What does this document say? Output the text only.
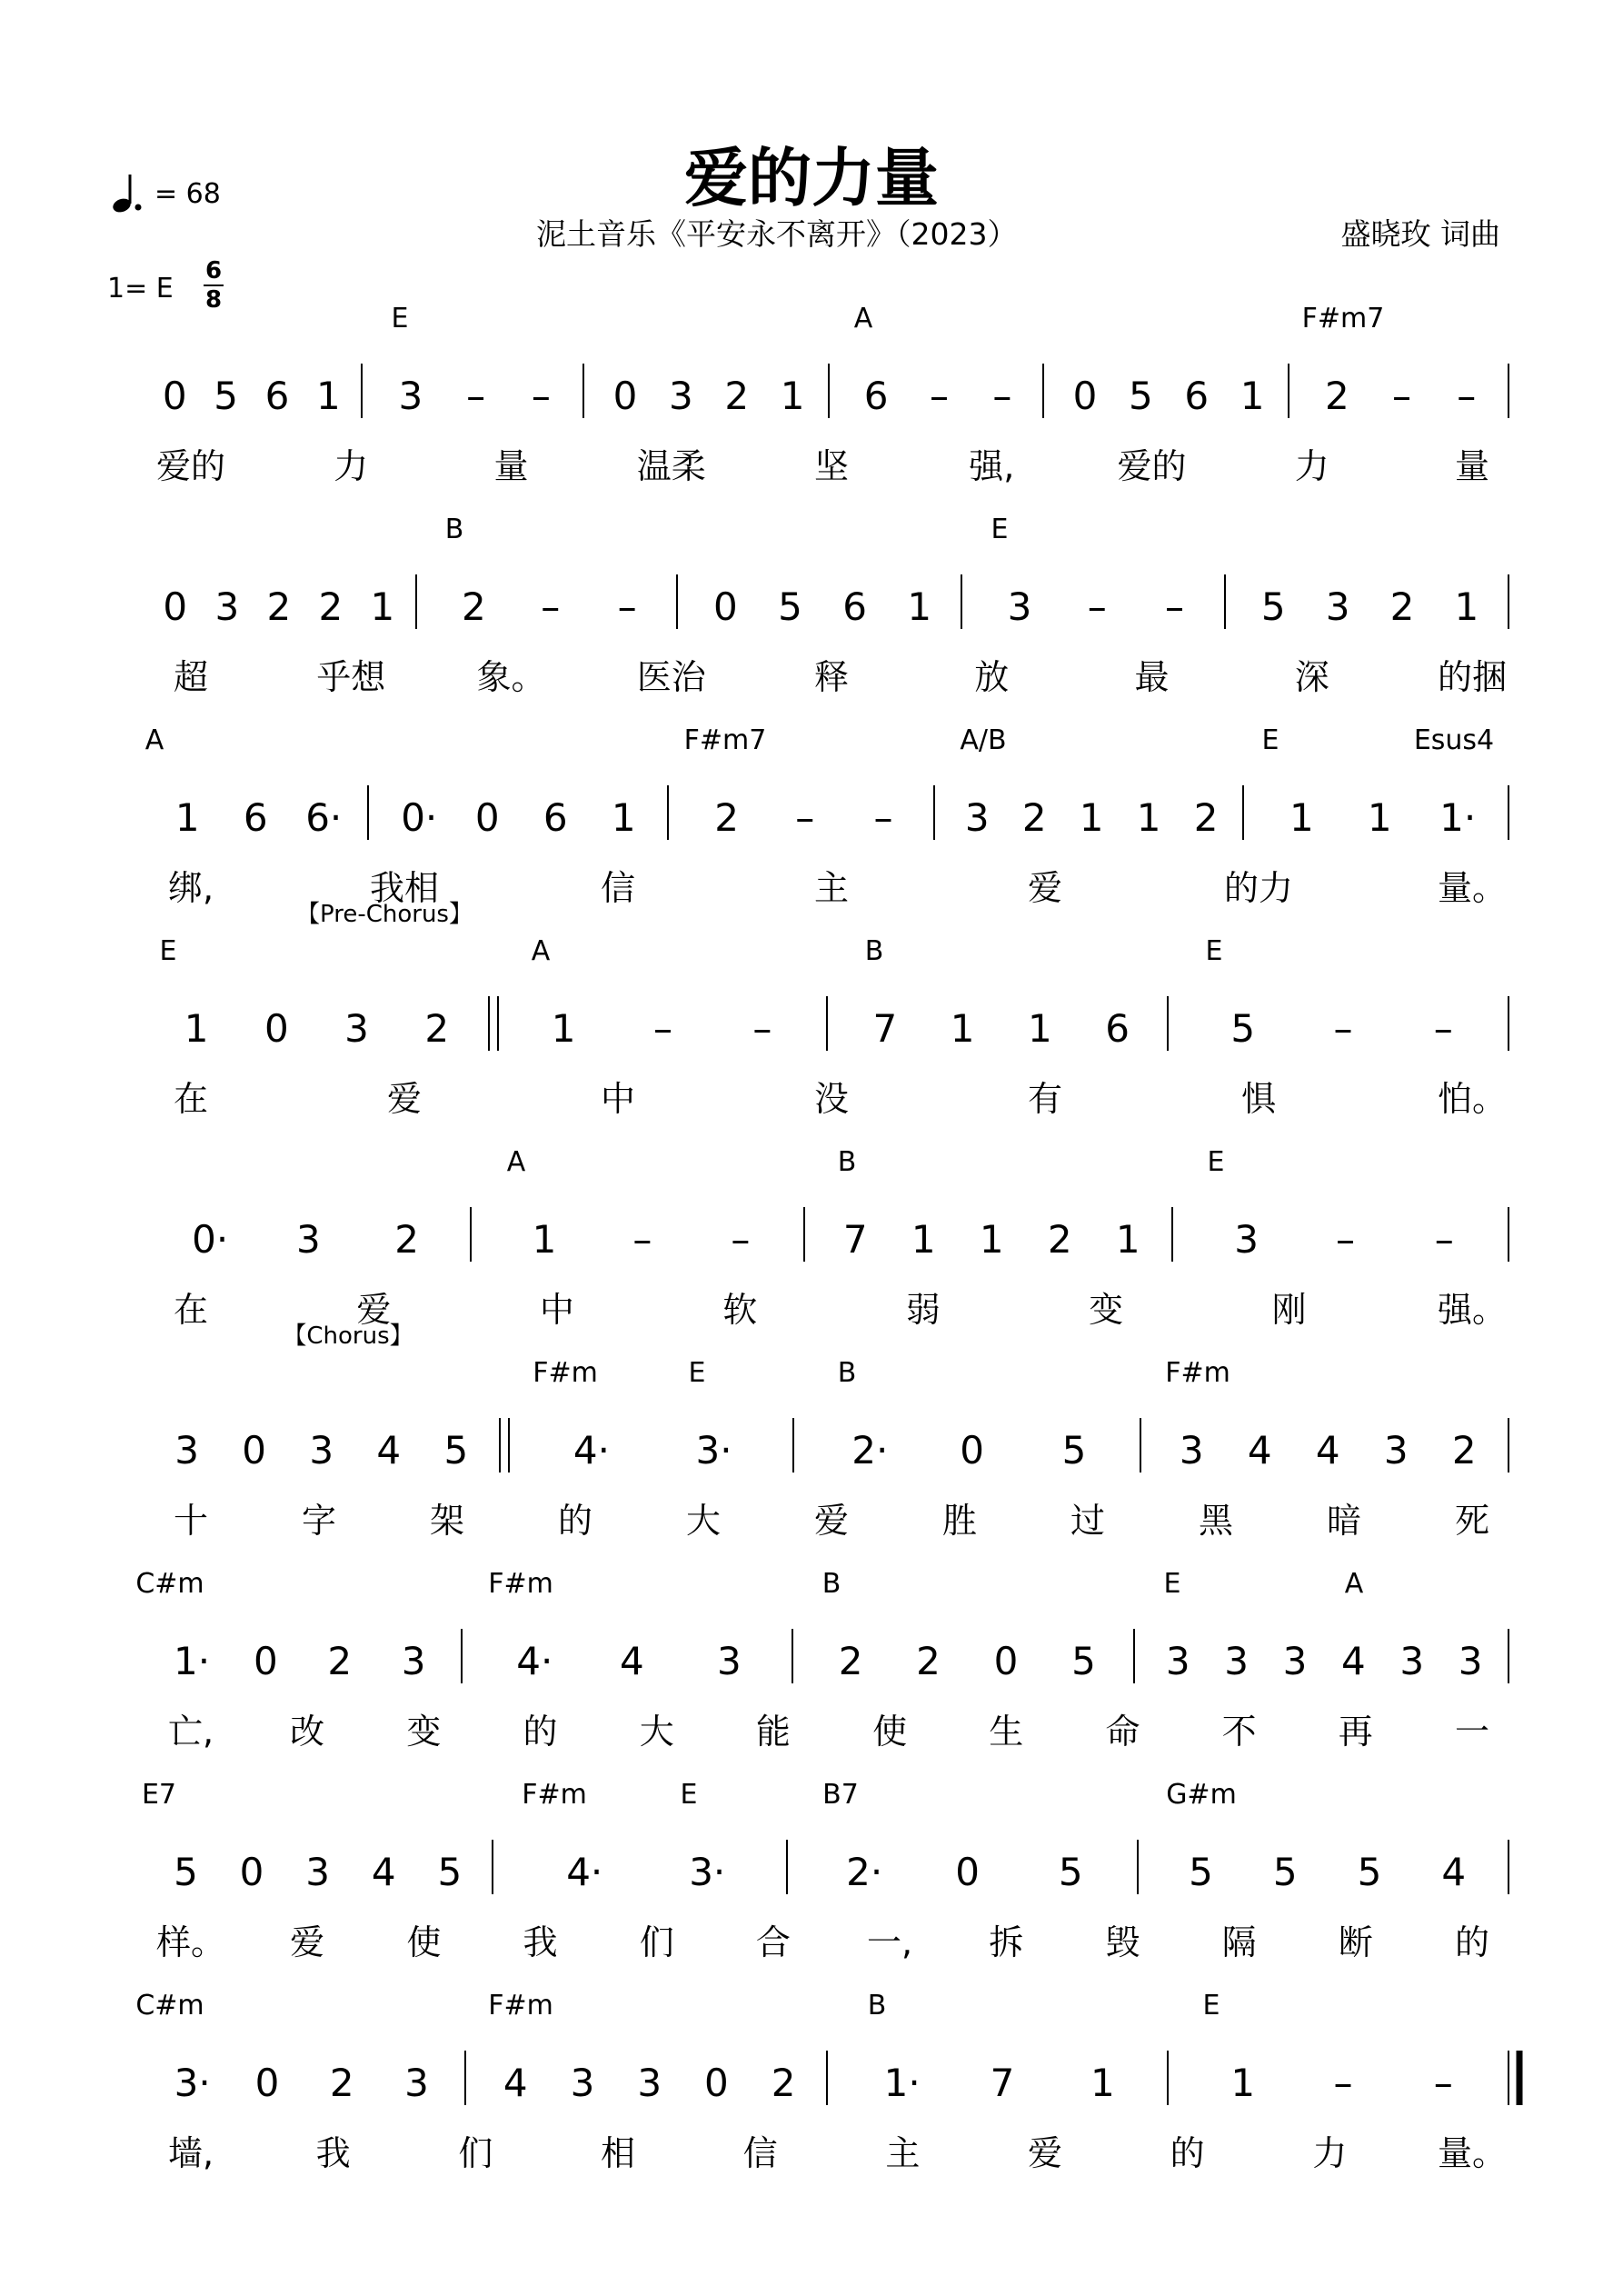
爱的力量
泥土音乐《平安永不离开》（2023）	盛晓玫 词曲
= 68
1= E
6
8
E	A	F#m7
0 5 6 1 3 – – 0 3 2 1 6 – – 0 5 6 1 2 – –
爱的	力	量	温柔	坚	强,	爱的	力	量
B	E
0 3 2 2 1 2 – – 0 5 6 1 3 – – 5 3 2 1
超	乎想	象。	医治	释	放	最	深	的捆
A	F#m7	A/B	E	Esus4
1 6 6· 0· 0 6 1 2 – – 3 2 1 1 2 1 1 1·
绑,	我相	信	主	爱	的力	量。
E	A	B	E
【Pre-Chorus】
1 0 3 2	1 – –	7 1 1 6	5 – –
在	爱	中	没	有	惧	怕。
A	B	E
0· 3 2	1 – – 7 1 1 2 1 3 – –
在	爱	中	软	弱	变	刚	强。
F#m	E	B	F#m
【Chorus】
3 0 3 4 5	4· 3·	2· 0 5 3 4 4 3 2
十	字	架	的	大	爱	胜	过	黑	暗	死
C#m	F#m	B	E	A
1· 0 2 3 4· 4 3	2 2 0 5 3 3 3 4 3 3
亡, 改 变 的 大 能 使 生 命 不 再 一
E7	F#m	E	B7	G#m
5 0 3 4 5	4· 3·	2· 0 5	5 5 5 4
样。 爱 使 我 们 合 一, 拆 毁 隔 断 的
C#m	F#m	B	E
3· 0 2 3 4 3 3 0 2 1· 7 1	1 – –
墙,	我	们	相	信	主	爱	的	力	量。
